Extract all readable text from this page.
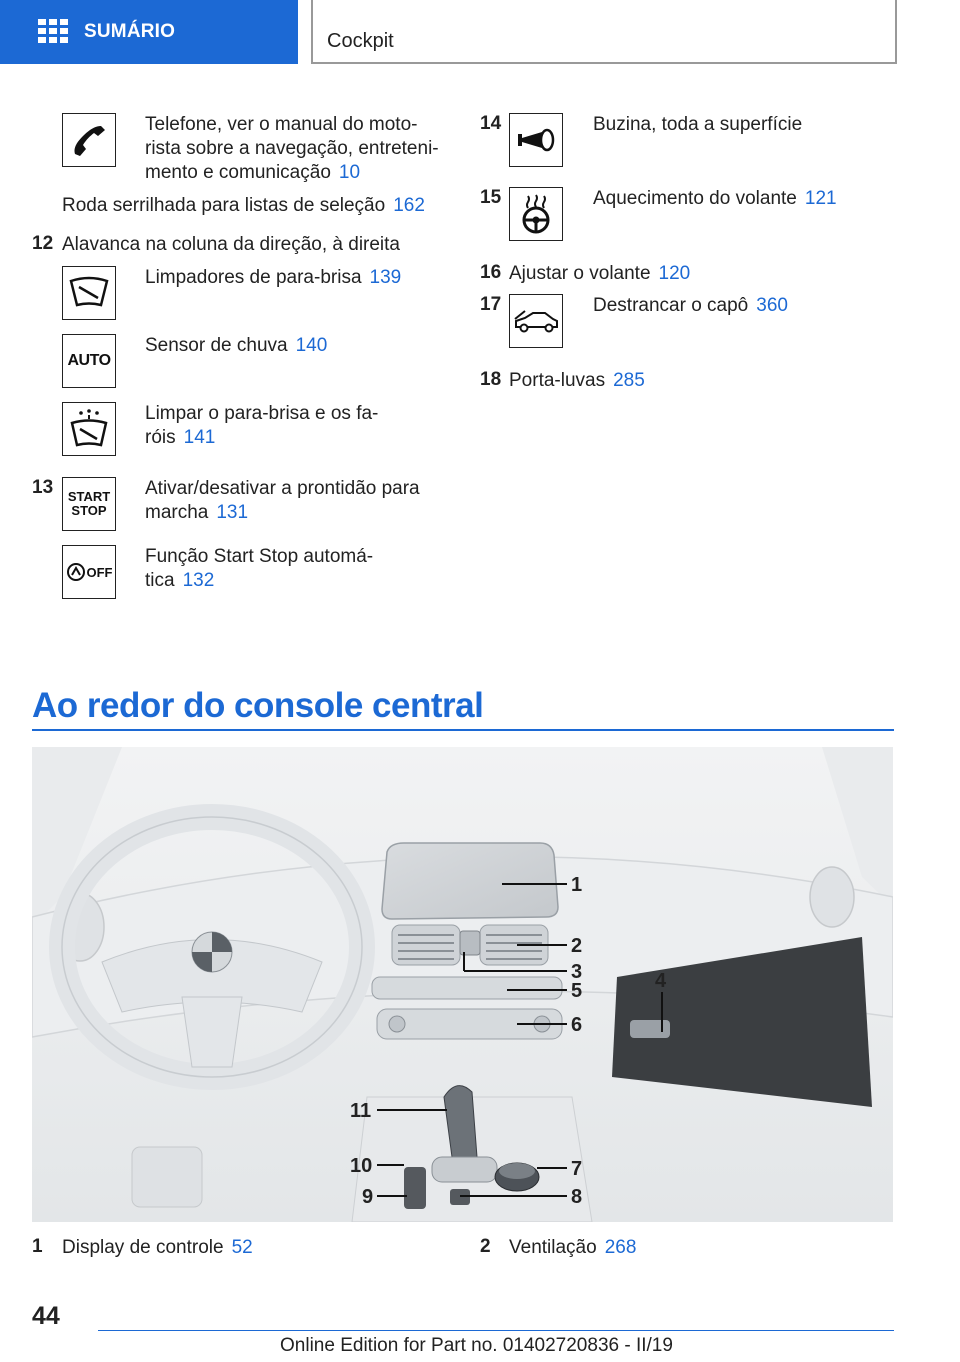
SUMÁRIO	Cockpit
Telefone, ver o manual do moto-
rista sobre a navegação, entreteni-
mento e comunicação 10
Roda serrilhada para listas de seleção 162
12 Alavanca na coluna da direção, à direita
Limpadores de para-brisa 139
AUTO
Sensor de chuva 140
Limpar o para-brisa e os fa-
róis 141
13 START
STOP
Ativar/desativar a prontidão para
marcha 131
OFF
Função Start Stop automá-
tica 132
14	Buzina, toda a superfície
15	Aquecimento do volante 121
16 Ajustar o volante 120
17	Destrancar o capô 360
18 Porta-luvas 285
Ao redor do console central
1
2
3	4
5
6
7
8
9
10
11
1 Display de controle 52	2 Ventilação 268
44
Online Edition for Part no. 01402720836 - II/19
